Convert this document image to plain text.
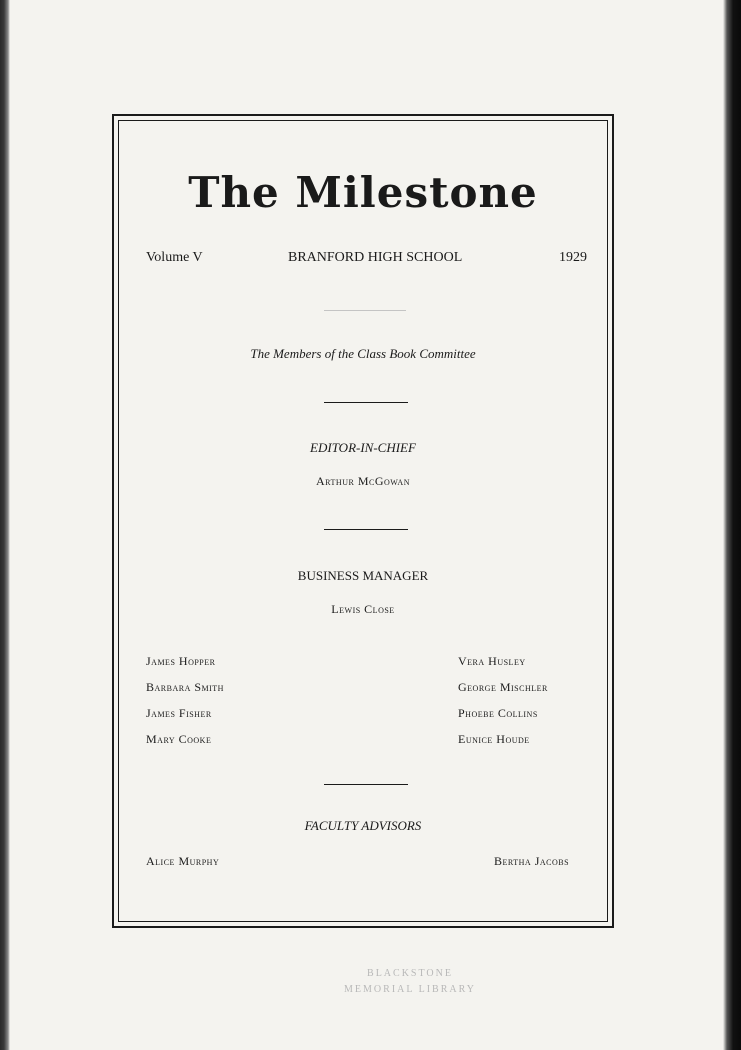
The Milestone
Volume V	BRANFORD HIGH SCHOOL	1929
The Members of the Class Book Committee
EDITOR-IN-CHIEF
Arthur McGowan
BUSINESS MANAGER
Lewis Close
James Hopper
Barbara Smith
James Fisher
Mary Cooke
Vera Husley
George Mischler
Phoebe Collins
Eunice Houde
FACULTY ADVISORS
Alice Murphy	Bertha Jacobs
BLACKSTONE
MEMORIAL LIBRARY
